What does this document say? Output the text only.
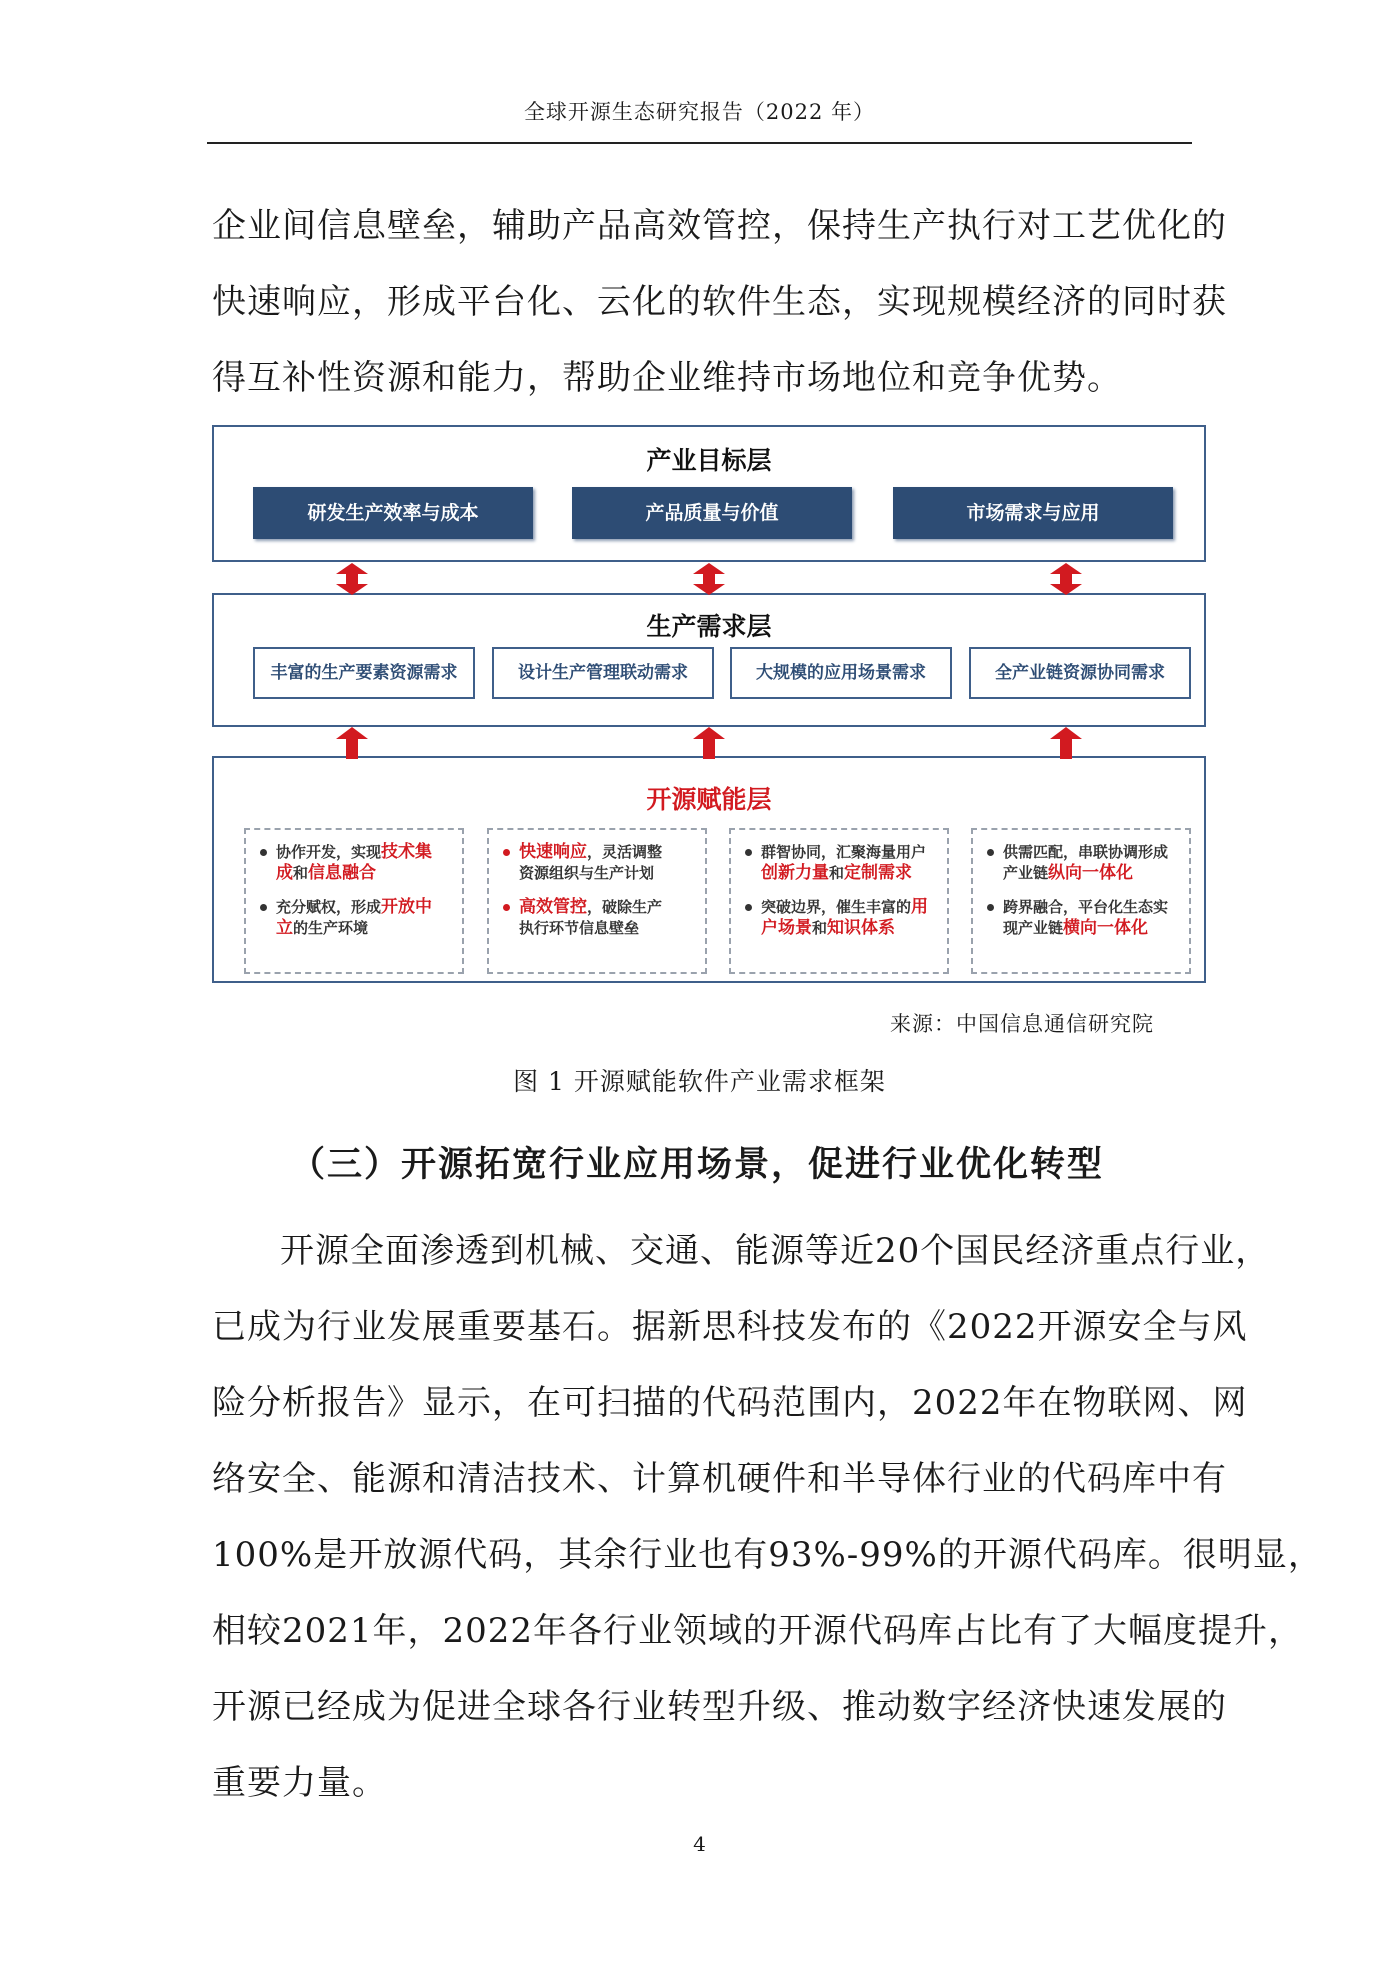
全球开源生态研究报告（2022 年）
企业间信息壁垒，辅助产品高效管控，保持生产执行对工艺优化的
快速响应，形成平台化、云化的软件生态，实现规模经济的同时获
得互补性资源和能力，帮助企业维持市场地位和竞争优势。
产业目标层
研发生产效率与成本	产品质量与价值	市场需求与应用
生产需求层
丰富的生产要素资源需求	设计生产管理联动需求	大规模的应用场景需求	全产业链资源协同需求
开源赋能层
协作开发，实现技术集
成和信息融合
充分赋权，形成开放中
立的生产环境
快速响应，灵活调整
资源组织与生产计划
高效管控，破除生产
执行环节信息壁垒
群智协同，汇聚海量用户
创新力量和定制需求
突破边界，催生丰富的用
户场景和知识体系
供需匹配，串联协调形成
产业链纵向一体化
跨界融合，平台化生态实
现产业链横向一体化
来源：中国信息通信研究院
图 1 开源赋能软件产业需求框架
（三）开源拓宽行业应用场景，促进行业优化转型
开源全面渗透到机械、交通、能源等近20个国民经济重点行业，
已成为行业发展重要基石。据新思科技发布的《2022开源安全与风
险分析报告》显示，在可扫描的代码范围内，2022年在物联网、网
络安全、能源和清洁技术、计算机硬件和半导体行业的代码库中有
100%是开放源代码，其余行业也有93%-99%的开源代码库。很明显，
相较2021年，2022年各行业领域的开源代码库占比有了大幅度提升，
开源已经成为促进全球各行业转型升级、推动数字经济快速发展的
重要力量。
4
